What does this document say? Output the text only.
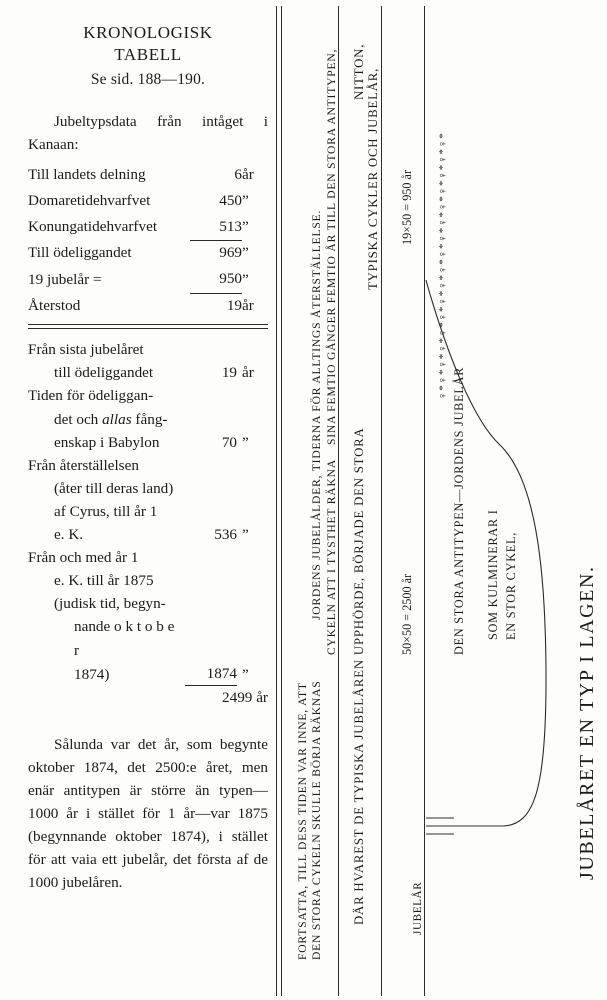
KRONOLOGISK
TABELL
Se sid. 188—190.
Jubeltypsdata från intåget i Kanaan:
Till landets delning	6	år
Domaretidehvarfvet	450	”
Konungatidehvarfvet	513	”
Till ödeliggandet	969	”
19 jubelår =	950	”
Återstod	19	år
Från sista jubelåret
till ödeliggandet	19 år
Tiden för ödeliggan-
det och allas fång-
enskap i Babylon	70 ”
Från återställelsen
(åter till deras land)
af Cyrus, till år 1
e. K.	536 ”
Från och med år 1
e. K. till år 1875
(judisk tid, begyn-
nande o k t o b e r
1874)	1874 ”
2499 år
Sålunda var det år, som begynte oktober 1874, det 2500:e året, men enär antitypen är större än typen—1000 år i stället för 1 år—var 1875 (begynnande oktober 1874), i stället för att vaia ett jubelår, det första af de 1000 jubelåren.	FORTSATTA, TILL DESS TIDEN VAR INNE, ATT DEN STORA CYKELN SKULLE BÖRJA RÄKNAS
SINA FEMTIO GÅNGER FEMTIO ÅR TILL DEN STORA ANTITYPEN,
JORDENS JUBELÅLDER, TIDERNA FÖR ALLTINGS ÅTERSTÄLLELSE. CYKELN ATT I TYSTHET RÄKNA
NITTON, TYPISKA CYKLER OCH JUBELÅR,
DÄR HVAREST DE TYPISKA JUBELÅREN UPPHÖRDE, BÖRJADE DEN STORA
19×50 = 950 år
50×50 = 2500 år
JUBELÅR
♀*♀*♀*♀*♀*♀*♀*♀*♀*♀*♀*♀*♀*♀*♀*♀*♀*
DEN STORA ANTITYPEN—JORDENS JUBELÅR SOM KULMINERAR I EN STOR CYKEL,	JUBELÅRET EN TYP I LAGEN.
